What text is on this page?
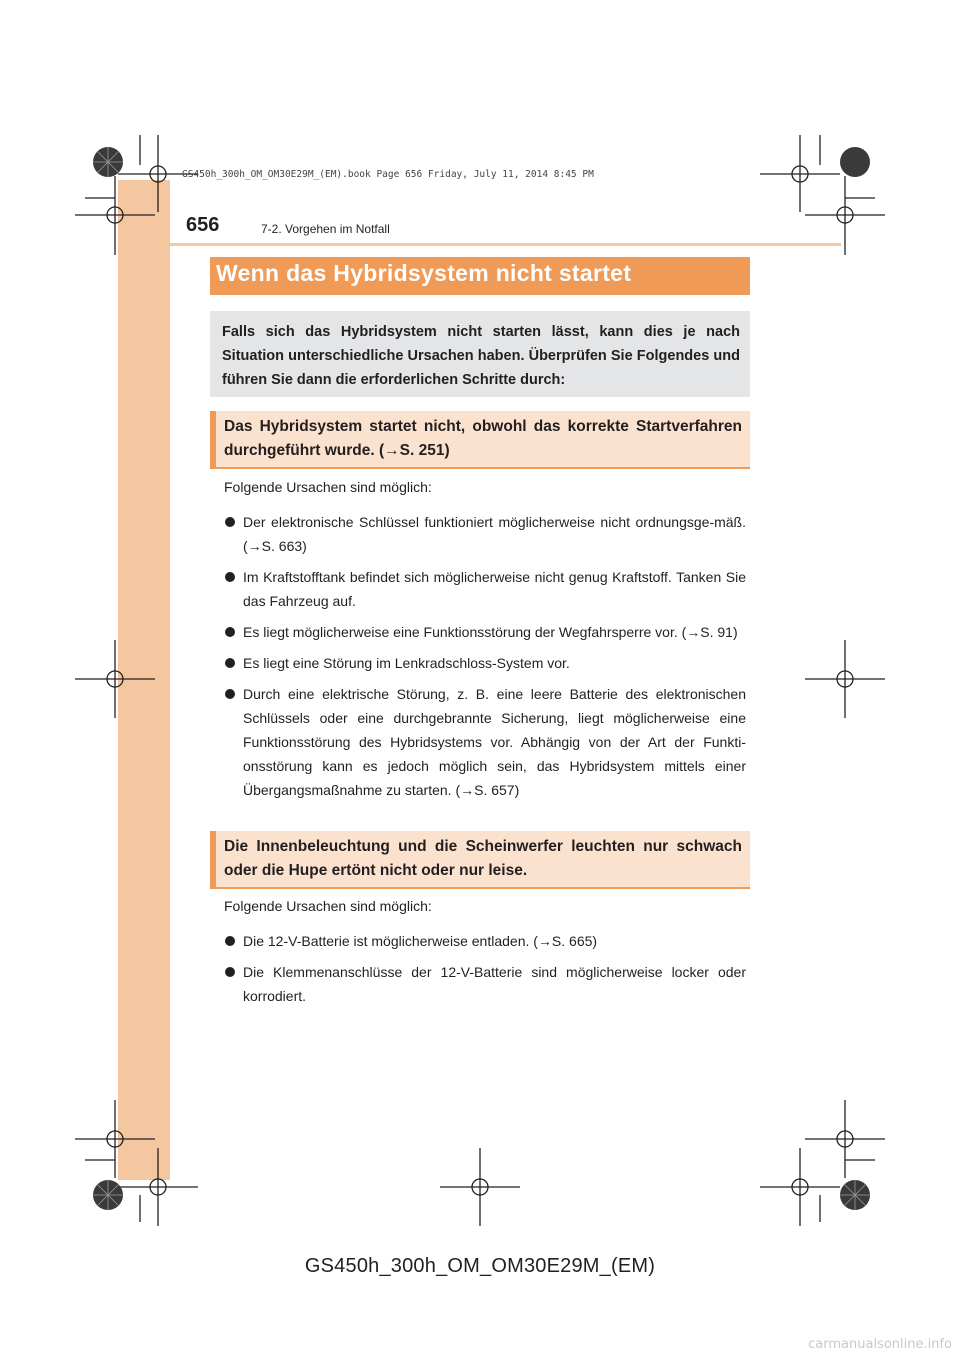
GS450h_300h_OM_OM30E29M_(EM).book Page 656 Friday, July 11, 2014 8:45 PM
656	7-2. Vorgehen im Notfall
Wenn das Hybridsystem nicht startet
Falls sich das Hybridsystem nicht starten lässt, kann dies je nach Situation unterschiedliche Ursachen haben. Überprüfen Sie Folgendes und führen Sie dann die erforderlichen Schritte durch:
Das Hybridsystem startet nicht, obwohl das korrekte Startverfahren durchgeführt wurde. (→S. 251)

Folgende Ursachen sind möglich:

Der elektronische Schlüssel funktioniert möglicherweise nicht ordnungsge-mäß. (→S. 663)
Im Kraftstofftank befindet sich möglicherweise nicht genug Kraftstoff. Tanken Sie das Fahrzeug auf.
Es liegt möglicherweise eine Funktionsstörung der Wegfahrsperre vor. (→S. 91)
Es liegt eine Störung im Lenkradschloss-System vor.
Durch eine elektrische Störung, z. B. eine leere Batterie des elektronischen Schlüssels oder eine durchgebrannte Sicherung, liegt möglicherweise eine Funktionsstörung des Hybridsystems vor. Abhängig von der Art der Funkti-onsstörung kann es jedoch möglich sein, das Hybridsystem mittels einer Übergangsmaßnahme zu starten. (→S. 657)
Die Innenbeleuchtung und die Scheinwerfer leuchten nur schwach oder die Hupe ertönt nicht oder nur leise.

Folgende Ursachen sind möglich:

Die 12-V-Batterie ist möglicherweise entladen. (→S. 665)
Die Klemmenanschlüsse der 12-V-Batterie sind möglicherweise locker oder korrodiert.
GS450h_300h_OM_OM30E29M_(EM)
carmanualsonline.info
